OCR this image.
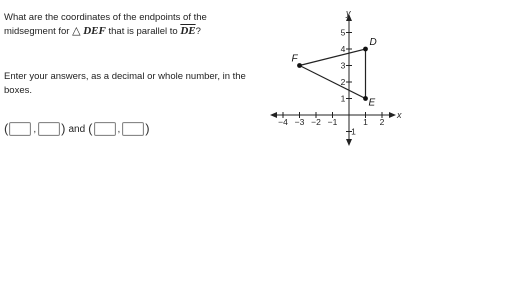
What are the coordinates of the endpoints of the
midsegment for △ DEF that is parallel to $\overline{DE}$?
Enter your answers, as a decimal or whole number, in the boxes.
(	, ) and (	, )
x
y
−4 −3 −2 −1	1 2
5
4
3
2
1
−1
F
D
E
